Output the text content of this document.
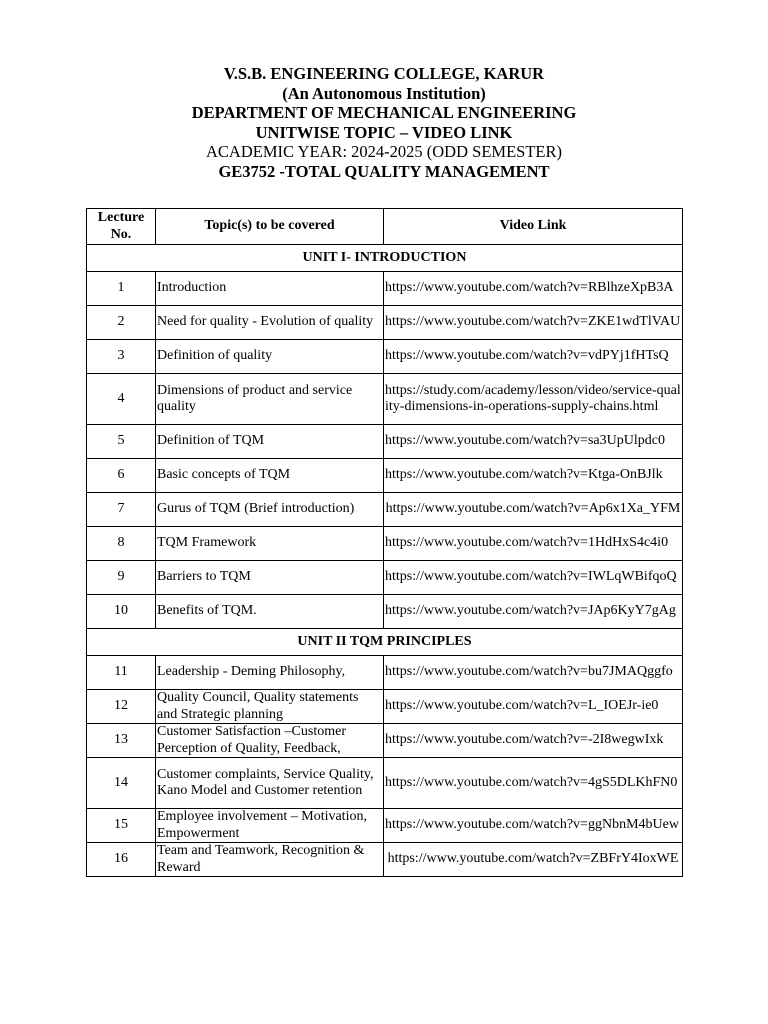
V.S.B. ENGINEERING COLLEGE, KARUR
(An Autonomous Institution)
DEPARTMENT OF MECHANICAL ENGINEERING
UNITWISE TOPIC – VIDEO LINK
ACADEMIC YEAR: 2024-2025 (ODD SEMESTER)
GE3752 -TOTAL QUALITY MANAGEMENT
Lecture No.	Topic(s) to be covered	Video Link
UNIT I- INTRODUCTION		
1	Introduction	https://www.youtube.com/watch?v=RBlhzeXpB3A
2	Need for quality - Evolution of quality	https://www.youtube.com/watch?v=ZKE1wdTlVAU
3	Definition of quality	https://www.youtube.com/watch?v=vdPYj1fHTsQ
4	Dimensions of product and service quality	https://study.com/academy/lesson/video/service-quality-dimensions-in-operations-supply-chains.html
5	Definition of TQM	https://www.youtube.com/watch?v=sa3UpUlpdc0
6	Basic concepts of TQM	https://www.youtube.com/watch?v=Ktga-OnBJlk
7	Gurus of TQM (Brief introduction)	https://www.youtube.com/watch?v=Ap6x1Xa_YFM
8	TQM Framework	https://www.youtube.com/watch?v=1HdHxS4c4i0
9	Barriers to TQM	https://www.youtube.com/watch?v=IWLqWBifqoQ
10	Benefits of TQM.	https://www.youtube.com/watch?v=JAp6KyY7gAg
UNIT II TQM PRINCIPLES		
11	Leadership - Deming Philosophy,	https://www.youtube.com/watch?v=bu7JMAQggfo
12	Quality Council, Quality statements and Strategic planning	https://www.youtube.com/watch?v=L_IOEJr-ie0
13	Customer Satisfaction –Customer Perception of Quality, Feedback,	https://www.youtube.com/watch?v=-2I8wegwIxk
14	Customer complaints, Service Quality, Kano Model and Customer retention	https://www.youtube.com/watch?v=4gS5DLKhFN0
15	Employee involvement – Motivation, Empowerment	https://www.youtube.com/watch?v=ggNbnM4bUew
16	Team and Teamwork, Recognition & Reward	https://www.youtube.com/watch?v=ZBFrY4IoxWE
